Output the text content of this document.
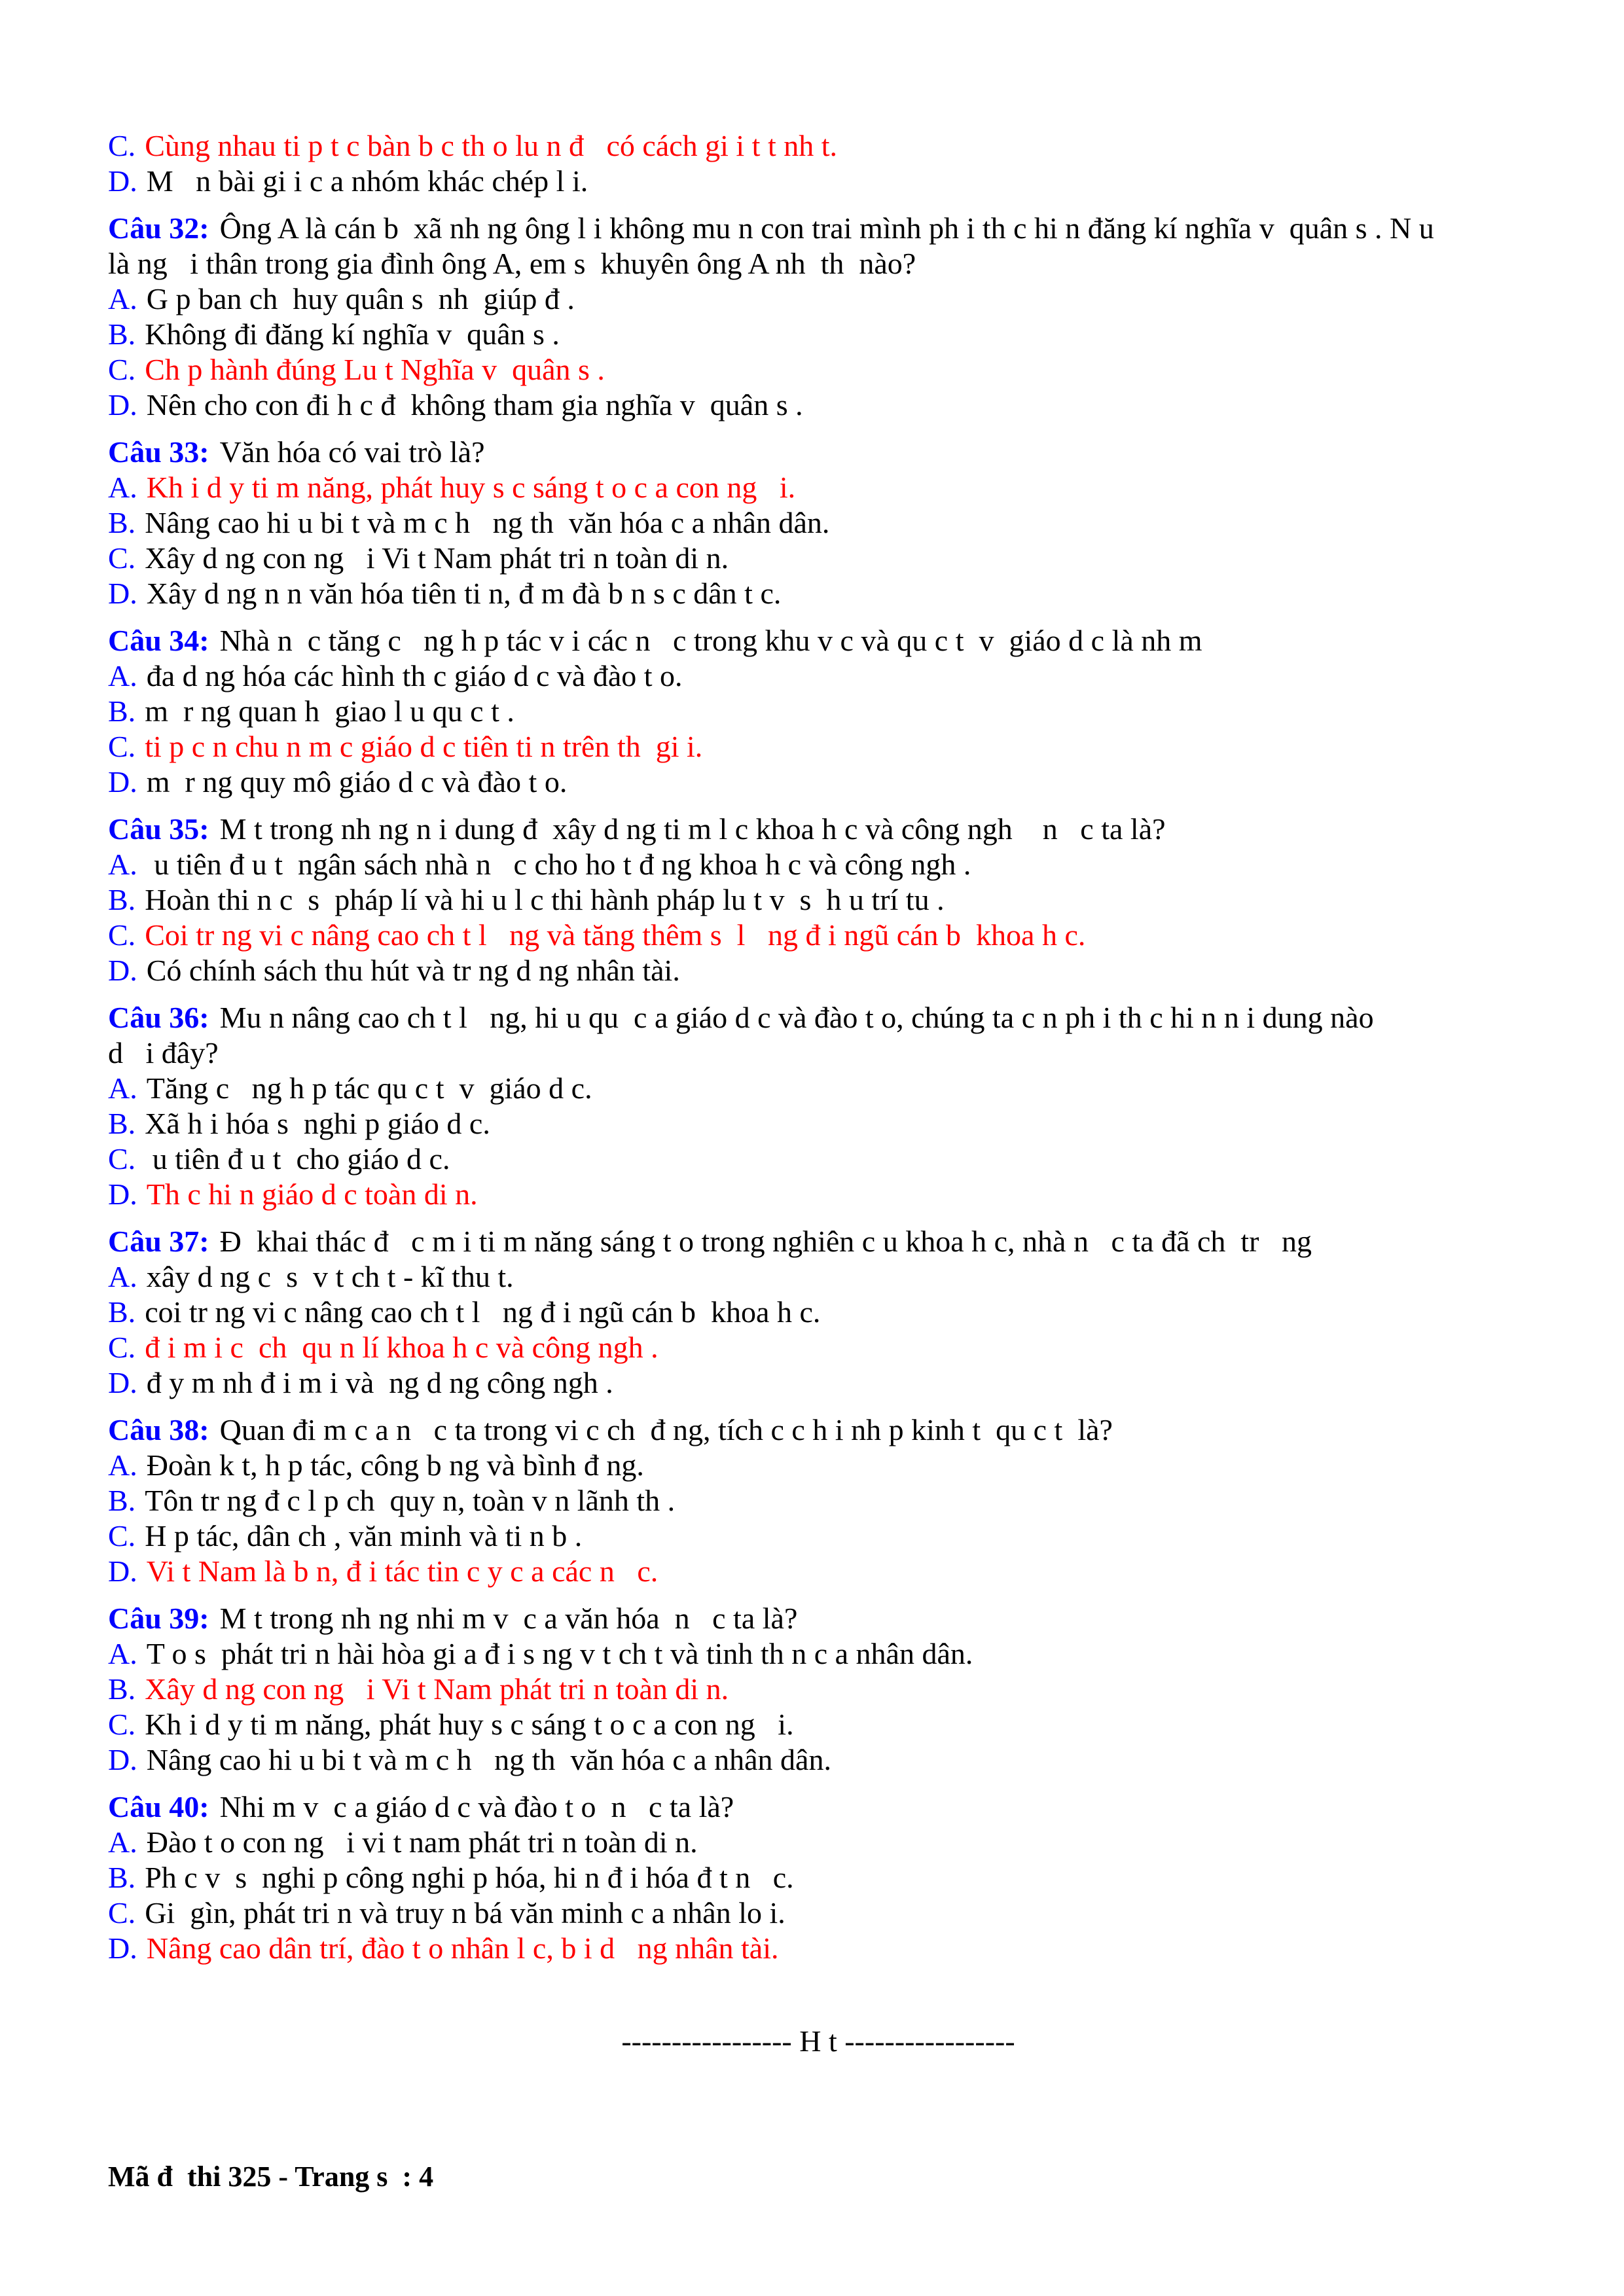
C. Cùng nhau ti p t c bàn b c th o lu n đ   có cách gi i t t nh t.

D. M   n bài gi i c a nhóm khác chép l i.

Câu 32: Ông A là cán b  xã nh ng ông l i không mu n con trai mình ph i th c hi n đăng kí nghĩa v  quân s . N u

là ng   i thân trong gia đình ông A, em s  khuyên ông A nh  th  nào?

A. G p ban ch  huy quân s  nh  giúp đ .

B. Không đi đăng kí nghĩa v  quân s .

C. Ch p hành đúng Lu t Nghĩa v  quân s .

D. Nên cho con đi h c đ  không tham gia nghĩa v  quân s .

Câu 33: Văn hóa có vai trò là?

A. Kh i d y ti m năng, phát huy s c sáng t o c a con ng   i.

B. Nâng cao hi u bi t và m c h   ng th  văn hóa c a nhân dân.

C. Xây d ng con ng   i Vi t Nam phát tri n toàn di n.

D. Xây d ng n n văn hóa tiên ti n, đ m đà b n s c dân t c.

Câu 34: Nhà n  c tăng c   ng h p tác v i các n   c trong khu v c và qu c t  v  giáo d c là nh m

A. đa d ng hóa các hình th c giáo d c và đào t o.

B. m  r ng quan h  giao l u qu c t .

C. ti p c n chu n m c giáo d c tiên ti n trên th  gi i.

D. m  r ng quy mô giáo d c và đào t o.

Câu 35: M t trong nh ng n i dung đ  xây d ng ti m l c khoa h c và công ngh    n   c ta là?

A. u tiên đ u t  ngân sách nhà n   c cho ho t đ ng khoa h c và công ngh .

B. Hoàn thi n c  s  pháp lí và hi u l c thi hành pháp lu t v  s  h u trí tu .

C. Coi tr ng vi c nâng cao ch t l   ng và tăng thêm s  l   ng đ i ngũ cán b  khoa h c.

D. Có chính sách thu hút và tr ng d ng nhân tài.

Câu 36: Mu n nâng cao ch t l   ng, hi u qu  c a giáo d c và đào t o, chúng ta c n ph i th c hi n n i dung nào

d   i đây?

A. Tăng c   ng h p tác qu c t  v  giáo d c.

B. Xã h i hóa s  nghi p giáo d c.

C. u tiên đ u t  cho giáo d c.

D. Th c hi n giáo d c toàn di n.

Câu 37: Đ  khai thác đ   c m i ti m năng sáng t o trong nghiên c u khoa h c, nhà n   c ta đã ch  tr   ng

A. xây d ng c  s  v t ch t - kĩ thu t.

B. coi tr ng vi c nâng cao ch t l   ng đ i ngũ cán b  khoa h c.

C. đ i m i c  ch  qu n lí khoa h c và công ngh .

D. đ y m nh đ i m i và  ng d ng công ngh .

Câu 38: Quan đi m c a n   c ta trong vi c ch  đ ng, tích c c h i nh p kinh t  qu c t  là?

A. Đoàn k t, h p tác, công b ng và bình đ ng.

B. Tôn tr ng đ c l p ch  quy n, toàn v n lãnh th .

C. H p tác, dân ch , văn minh và ti n b .

D. Vi t Nam là b n, đ i tác tin c y c a các n   c.

Câu 39: M t trong nh ng nhi m v  c a văn hóa  n   c ta là?

A. T o s  phát tri n hài hòa gi a đ i s ng v t ch t và tinh th n c a nhân dân.

B. Xây d ng con ng   i Vi t Nam phát tri n toàn di n.

C. Kh i d y ti m năng, phát huy s c sáng t o c a con ng   i.

D. Nâng cao hi u bi t và m c h   ng th  văn hóa c a nhân dân.

Câu 40: Nhi m v  c a giáo d c và đào t o  n   c ta là?

A. Đào t o con ng   i vi t nam phát tri n toàn di n.

B. Ph c v  s  nghi p công nghi p hóa, hi n đ i hóa đ t n   c.

C. Gi  gìn, phát tri n và truy n bá văn minh c a nhân lo i.

D. Nâng cao dân trí, đào t o nhân l c, b i d   ng nhân tài.

----------------- H t -----------------
Mã đ  thi 325 - Trang s  : 4
